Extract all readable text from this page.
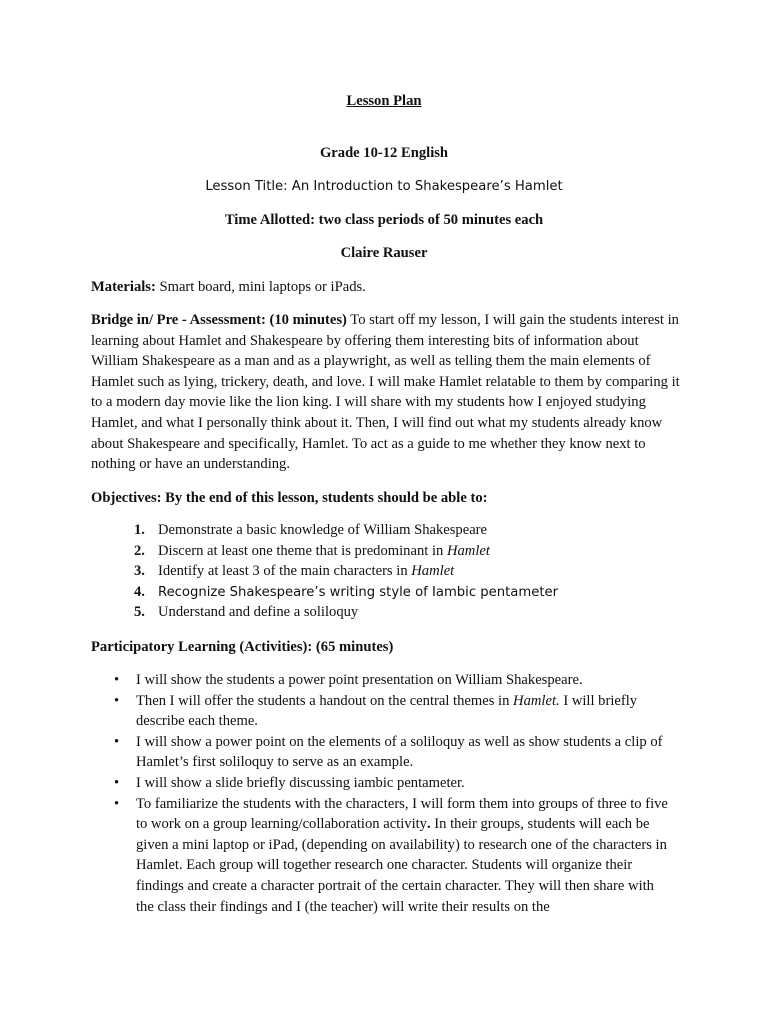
Lesson Plan
Grade 10-12 English
Lesson Title: An Introduction to Shakespeare’s Hamlet
Time Allotted: two class periods of 50 minutes each
Claire Rauser

Materials: Smart board, mini laptops or iPads.

Bridge in/ Pre - Assessment: (10 minutes) To start off my lesson, I will gain the students interest in learning about Hamlet and Shakespeare by offering them interesting bits of information about William Shakespeare as a man and as a playwright, as well as telling them the main elements of Hamlet such as lying, trickery, death, and love. I will make Hamlet relatable to them by comparing it to a modern day movie like the lion king. I will share with my students how I enjoyed studying Hamlet, and what I personally think about it. Then, I will find out what my students already know about Shakespeare and specifically, Hamlet. To act as a guide to me whether they know next to nothing or have an understanding.

Objectives: By the end of this lesson, students should be able to:

1. Demonstrate a basic knowledge of William Shakespeare
2. Discern at least one theme that is predominant in Hamlet
3. Identify at least 3 of the main characters in Hamlet
4. Recognize Shakespeare’s writing style of Iambic pentameter
5. Understand and define a soliloquy

Participatory Learning (Activities): (65 minutes)

• I will show the students a power point presentation on William Shakespeare.
• Then I will offer the students a handout on the central themes in Hamlet. I will briefly describe each theme.
• I will show a power point on the elements of a soliloquy as well as show students a clip of Hamlet’s first soliloquy to serve as an example.
• I will show a slide briefly discussing iambic pentameter.
• To familiarize the students with the characters, I will form them into groups of three to five to work on a group learning/collaboration activity. In their groups, students will each be given a mini laptop or iPad, (depending on availability) to research one of the characters in Hamlet. Each group will together research one character. Students will organize their findings and create a character portrait of the certain character. They will then share with the class their findings and I (the teacher) will write their results on the
